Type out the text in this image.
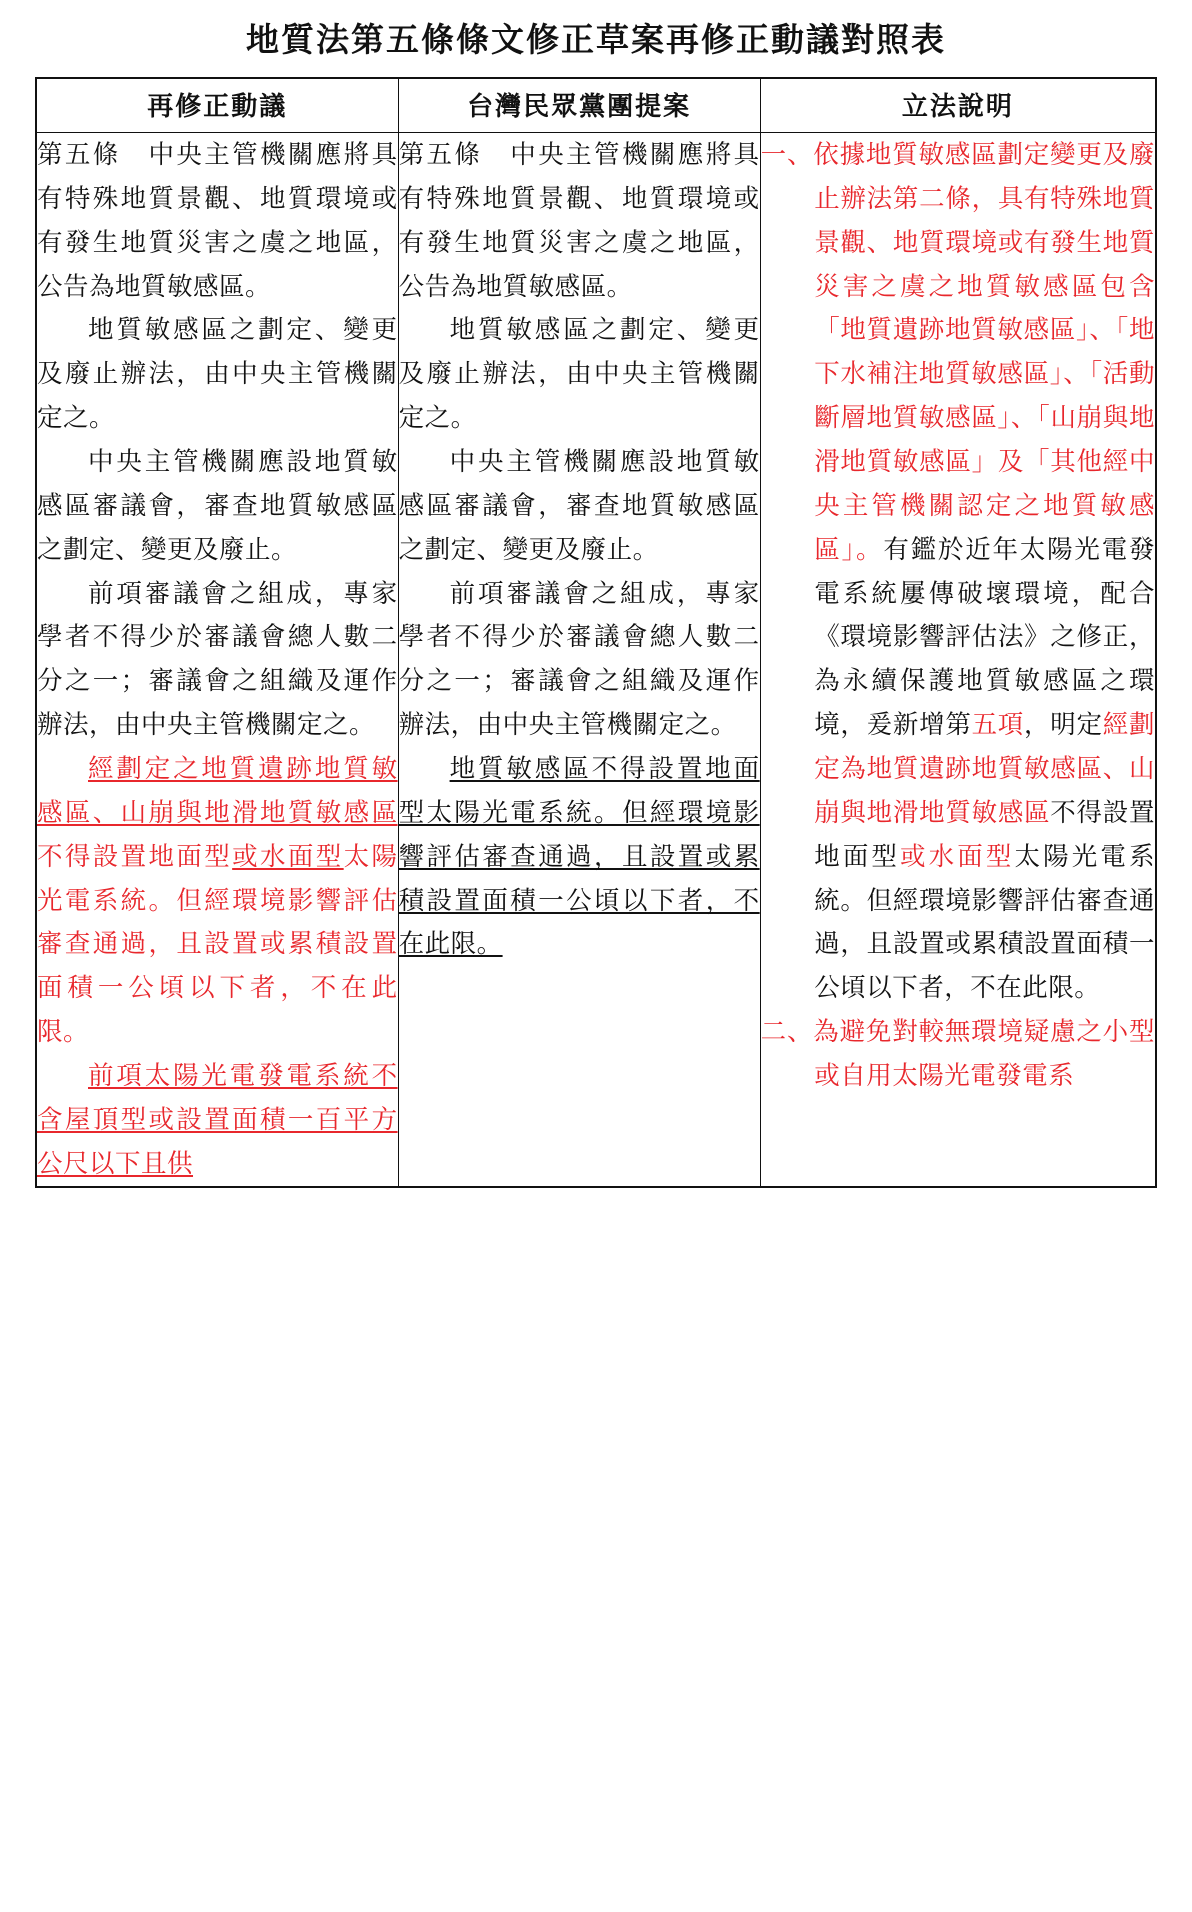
地質法第五條條文修正草案再修正動議對照表
再修正動議	台灣民眾黨團提案	立法說明

第五條　中央主管機關應將具有特殊地質景觀、地質環境或有發生地質災害之虞之地區，公告為地質敏感區。
地質敏感區之劃定、變更及廢止辦法，由中央主管機關定之。
中央主管機關應設地質敏感區審議會，審查地質敏感區之劃定、變更及廢止。
前項審議會之組成，專家學者不得少於審議會總人數二分之一；審議會之組織及運作辦法，由中央主管機關定之。
經劃定之地質遺跡地質敏感區、山崩與地滑地質敏感區不得設置地面型或水面型太陽光電系統。但經環境影響評估審查通過，且設置或累積設置面積一公頃以下者，不在此限。
前項太陽光電發電系統不含屋頂型或設置面積一百平方公尺以下且供

第五條　中央主管機關應將具有特殊地質景觀、地質環境或有發生地質災害之虞之地區，公告為地質敏感區。
地質敏感區之劃定、變更及廢止辦法，由中央主管機關定之。
中央主管機關應設地質敏感區審議會，審查地質敏感區之劃定、變更及廢止。
前項審議會之組成，專家學者不得少於審議會總人數二分之一；審議會之組織及運作辦法，由中央主管機關定之。
地質敏感區不得設置地面型太陽光電系統。但經環境影響評估審查通過，且設置或累積設置面積一公頃以下者，不在此限。

一、依據地質敏感區劃定變更及廢止辦法第二條，具有特殊地質景觀、地質環境或有發生地質災害之虞之地質敏感區包含「地質遺跡地質敏感區」、「地下水補注地質敏感區」、「活動斷層地質敏感區」、「山崩與地滑地質敏感區」及「其他經中央主管機關認定之地質敏感區」。有鑑於近年太陽光電發電系統屢傳破壞環境，配合《環境影響評估法》之修正，為永續保護地質敏感區之環境，爰新增第五項，明定經劃定為地質遺跡地質敏感區、山崩與地滑地質敏感區不得設置地面型或水面型太陽光電系統。但經環境影響評估審查通過，且設置或累積設置面積一公頃以下者，不在此限。
二、為避免對較無環境疑慮之小型或自用太陽光電發電系
